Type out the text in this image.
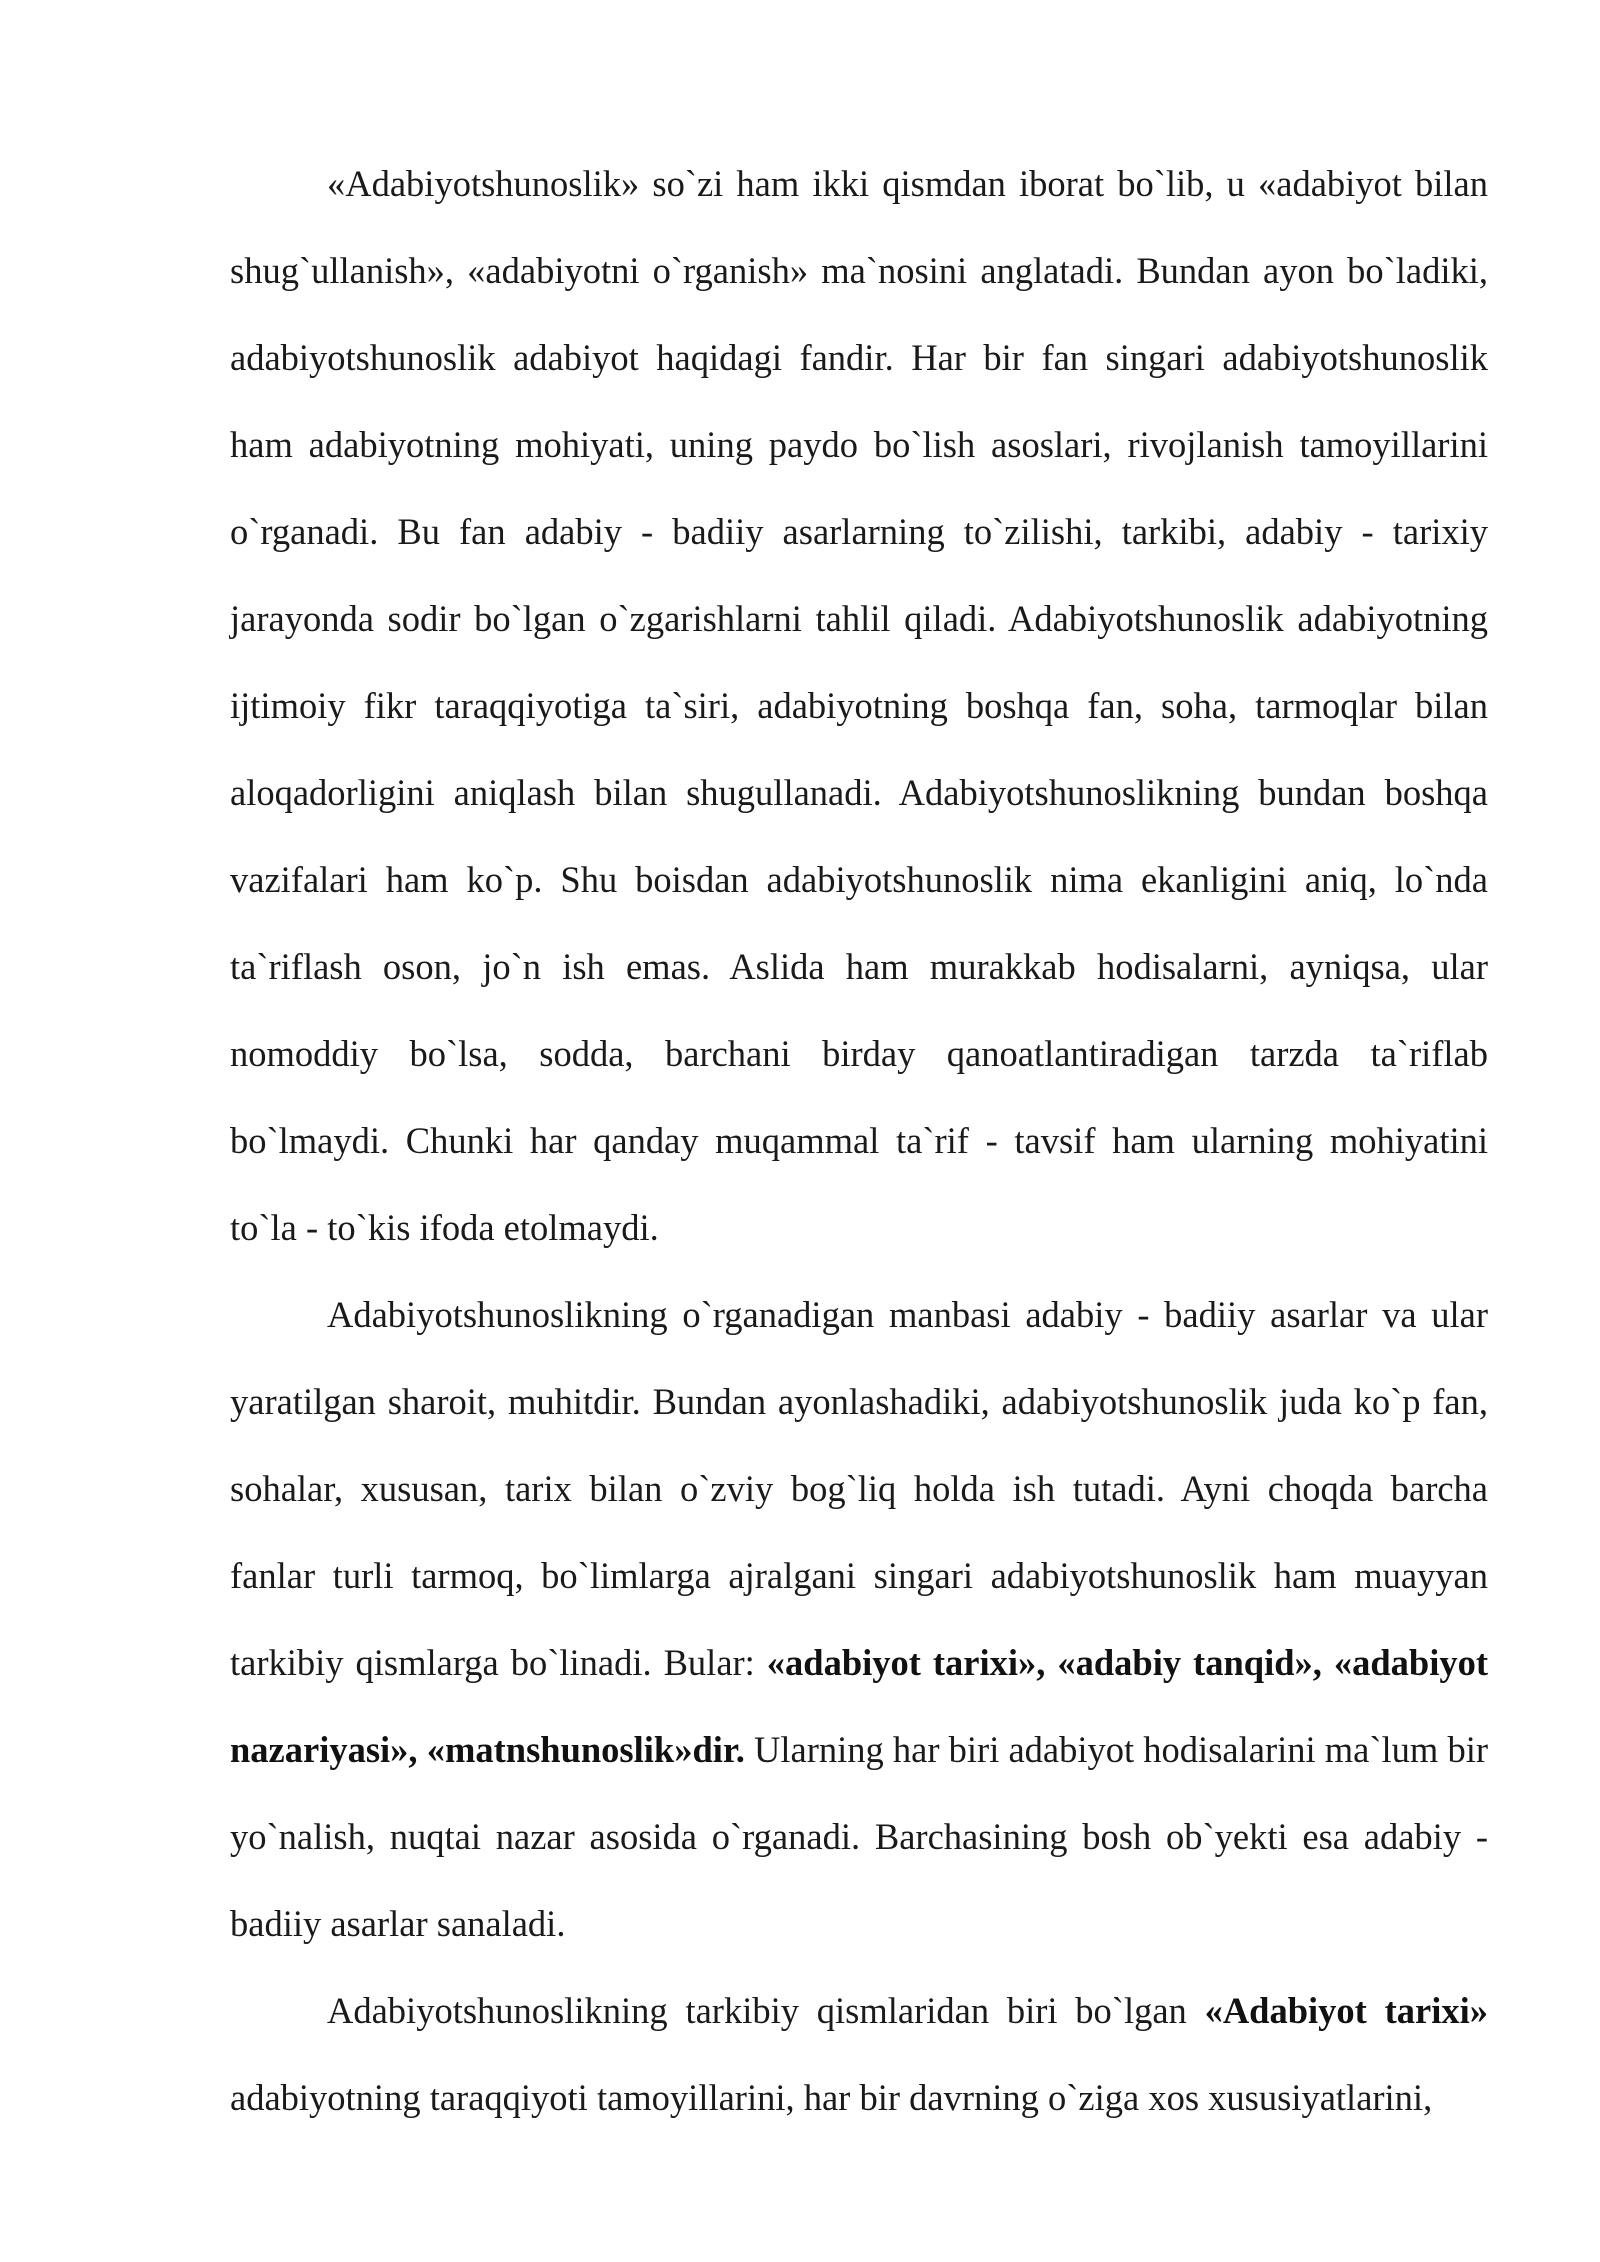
«Adabiyotshunoslik» so`zi ham ikki qismdan iborat bo`lib, u «adabiyot bilan shug`ullanish», «adabiyotni o`rganish» ma`nosini anglatadi. Bundan ayon bo`ladiki, adabiyotshunoslik adabiyot haqidagi fandir. Har bir fan singari adabiyotshunoslik ham adabiyotning mohiyati, uning paydo bo`lish asoslari, rivojlanish tamoyillarini o`rganadi. Bu fan adabiy - badiiy asarlarning to`zilishi, tarkibi, adabiy - tarixiy jarayonda sodir bo`lgan o`zgarishlarni tahlil qiladi. Adabiyotshunoslik adabiyotning ijtimoiy fikr taraqqiyotiga ta`siri, adabiyotning boshqa fan, soha, tarmoqlar bilan aloqadorligini aniqlash bilan shugullanadi. Adabiyotshunoslikning bundan boshqa vazifalari ham ko`p. Shu boisdan adabiyotshunoslik nima ekanligini aniq, lo`nda ta`riflash oson, jo`n ish emas. Aslida ham murakkab hodisalarni, ayniqsa, ular nomoddiy bo`lsa, sodda, barchani birday qanoatlantiradigan tarzda ta`riflab bo`lmaydi. Chunki har qanday muqammal ta`rif - tavsif ham ularning mohiyatini to`la - to`kis ifoda etolmaydi.

Adabiyotshunoslikning o`rganadigan manbasi adabiy - badiiy asarlar va ular yaratilgan sharoit, muhitdir. Bundan ayonlashadiki, adabiyotshunoslik juda ko`p fan, sohalar, xususan, tarix bilan o`zviy bog`liq holda ish tutadi. Ayni choqda barcha fanlar turli tarmoq, bo`limlarga ajralgani singari adabiyotshunoslik ham muayyan tarkibiy qismlarga bo`linadi. Bular: «adabiyot tarixi», «adabiy tanqid», «adabiyot nazariyasi», «matnshunoslik»dir. Ularning har biri adabiyot hodisalarini ma`lum bir yo`nalish, nuqtai nazar asosida o`rganadi. Barchasining bosh ob`yekti esa adabiy - badiiy asarlar sanaladi.

Adabiyotshunoslikning tarkibiy qismlaridan biri bo`lgan «Adabiyot tarixi» adabiyotning taraqqiyoti tamoyillarini, har bir davrning o`ziga xos xususiyatlarini,
